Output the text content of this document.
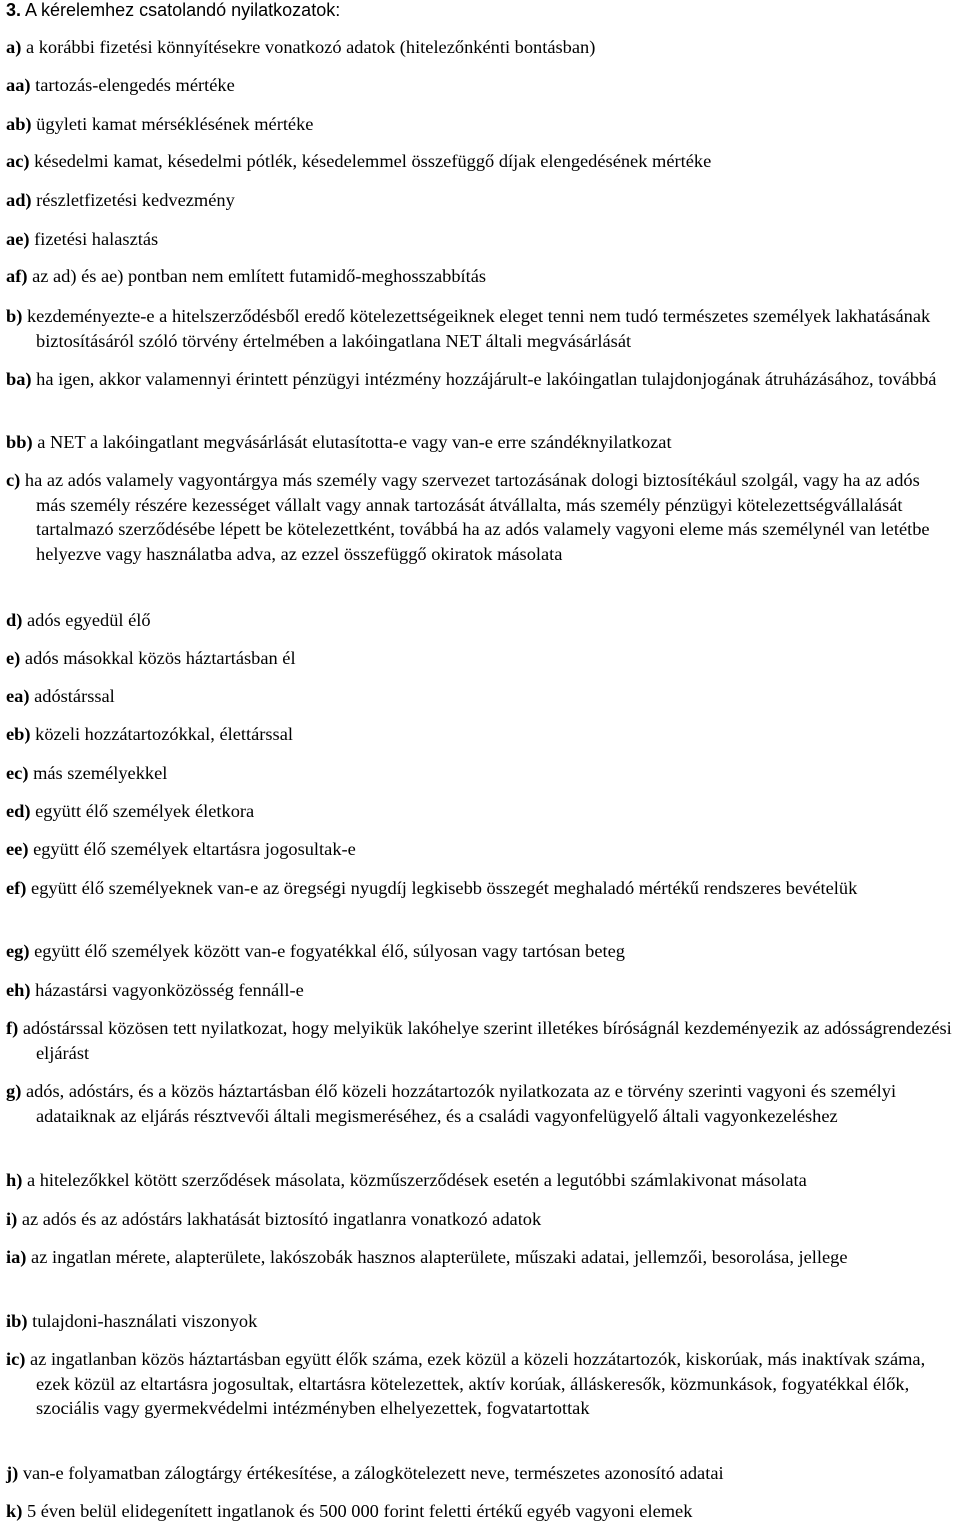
3. A kérelemhez csatolandó nyilatkozatok:
a) a korábbi fizetési könnyítésekre vonatkozó adatok (hitelezőnkénti bontásban)
aa) tartozás-elengedés mértéke
ab) ügyleti kamat mérséklésének mértéke
ac) késedelmi kamat, késedelmi pótlék, késedelemmel összefüggő díjak elengedésének mértéke
ad) részletfizetési kedvezmény
ae) fizetési halasztás
af) az ad) és ae) pontban nem említett futamidő-meghosszabbítás
b) kezdeményezte-e a hitelszerződésből eredő kötelezettségeiknek eleget tenni nem tudó természetes személyek lakhatásának biztosításáról szóló törvény értelmében a lakóingatlana NET általi megvásárlását
ba) ha igen, akkor valamennyi érintett pénzügyi intézmény hozzájárult-e lakóingatlan tulajdonjogának átruházásához, továbbá
bb) a NET a lakóingatlant megvásárlását elutasította-e vagy van-e erre szándéknyilatkozat
c) ha az adós valamely vagyontárgya más személy vagy szervezet tartozásának dologi biztosítékául szolgál, vagy ha az adós más személy részére kezességet vállalt vagy annak tartozását átvállalta, más személy pénzügyi kötelezettségvállalását tartalmazó szerződésébe lépett be kötelezettként, továbbá ha az adós valamely vagyoni eleme más személynél van letétbe helyezve vagy használatba adva, az ezzel összefüggő okiratok másolata
d) adós egyedül élő
e) adós másokkal közös háztartásban él
ea) adóstárssal
eb) közeli hozzátartozókkal, élettárssal
ec) más személyekkel
ed) együtt élő személyek életkora
ee) együtt élő személyek eltartásra jogosultak-e
ef) együtt élő személyeknek van-e az öregségi nyugdíj legkisebb összegét meghaladó mértékű rendszeres bevételük
eg) együtt élő személyek között van-e fogyatékkal élő, súlyosan vagy tartósan beteg
eh) házastársi vagyonközösség fennáll-e
f) adóstárssal közösen tett nyilatkozat, hogy melyikük lakóhelye szerint illetékes bíróságnál kezdeményezik az adósságrendezési eljárást
g) adós, adóstárs, és a közös háztartásban élő közeli hozzátartozók nyilatkozata az e törvény szerinti vagyoni és személyi adataiknak az eljárás résztvevői általi megismeréséhez, és a családi vagyonfelügyelő általi vagyonkezeléshez
h) a hitelezőkkel kötött szerződések másolata, közműszerződések esetén a legutóbbi számlakivonat másolata
i) az adós és az adóstárs lakhatását biztosító ingatlanra vonatkozó adatok
ia) az ingatlan mérete, alapterülete, lakószobák hasznos alapterülete, műszaki adatai, jellemzői, besorolása, jellege
ib) tulajdoni-használati viszonyok
ic) az ingatlanban közös háztartásban együtt élők száma, ezek közül a közeli hozzátartozók, kiskorúak, más inaktívak száma, ezek közül az eltartásra jogosultak, eltartásra kötelezettek, aktív korúak, álláskeresők, közmunkások, fogyatékkal élők, szociális vagy gyermekvédelmi intézményben elhelyezettek, fogvatartottak
j) van-e folyamatban zálogtárgy értékesítése, a zálogkötelezett neve, természetes azonosító adatai
k) 5 éven belül elidegenített ingatlanok és 500 000 forint feletti értékű egyéb vagyoni elemek
